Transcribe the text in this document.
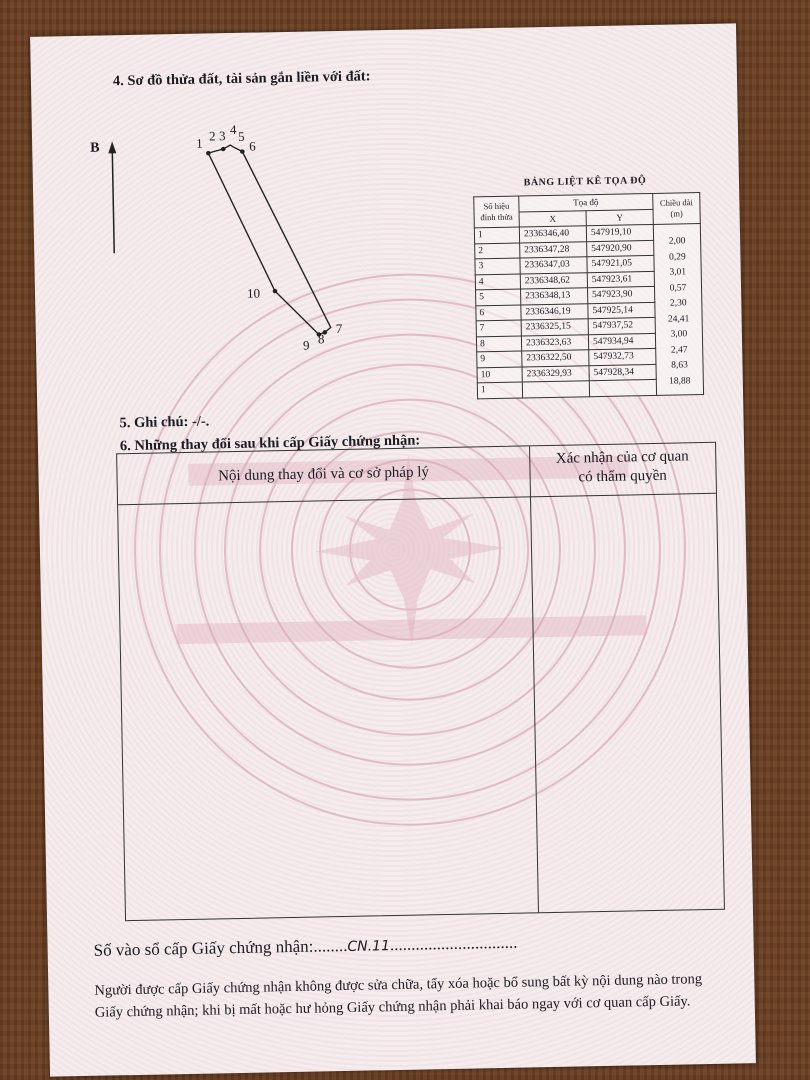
4. Sơ đồ thửa đất, tài sản gắn liền với đất:
B	1 2 3 4 5
6
7
8
9
10
BẢNG LIỆT KÊ TỌA ĐỘ
Số hiệu đỉnh thửa	Tọa độ		Chiều dài (m)
	X	Y	
1	2336346,40	547919,10	2,00
2	2336347,28	547920,90	0,29
3	2336347,03	547921,05	3,01
4	2336348,62	547923,61	0,57
5	2336348,13	547923,90	2,30
6	2336346,19	547925,14	24,41
7	2336325,15	547937,52	3,00
8	2336323,63	547934,94	2,47
9	2336322,50	547932,73	8,63
10	2336329,93	547928,34	18,88
1			
5. Ghi chú: -/-.
6. Những thay đổi sau khi cấp Giấy chứng nhận:
Nội dung thay đổi và cơ sở pháp lý
Xác nhận của cơ quan
có thẩm quyền
Số vào sổ cấp Giấy chứng nhận:........CN.11..............................
Người được cấp Giấy chứng nhận không được sửa chữa, tẩy xóa hoặc bổ sung bất kỳ nội dung nào trong
Giấy chứng nhận; khi bị mất hoặc hư hỏng Giấy chứng nhận phải khai báo ngay với cơ quan cấp Giấy.
